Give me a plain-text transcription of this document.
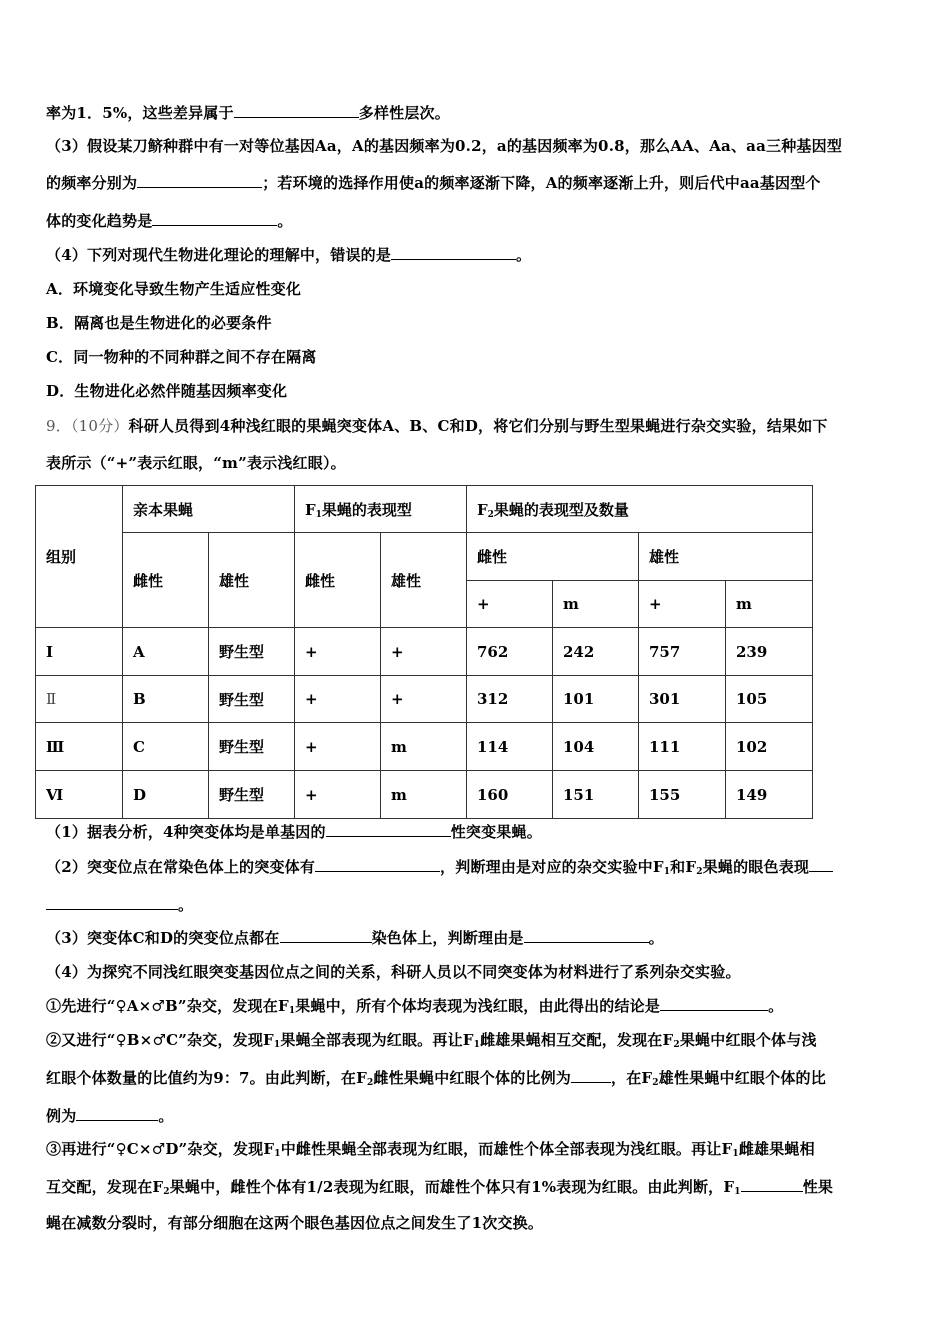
率为1．5%，这些差异属于	多样性层次。
（3）假设某刀鲚种群中有一对等位基因Aa，A的基因频率为0.2，a的基因频率为0.8，那么AA、Aa、aa三种基因型
的频率分别为	；若环境的选择作用使a的频率逐渐下降，A的频率逐渐上升，则后代中aa基因型个
体的变化趋势是	。
（4）下列对现代生物进化理论的理解中，错误的是	。
A．环境变化导致生物产生适应性变化
B．隔离也是生物进化的必要条件
C．同一物种的不同种群之间不存在隔离
D．生物进化必然伴随基因频率变化
9．（10分）科研人员得到4种浅红眼的果蝇突变体A、B、C和D，将它们分别与野生型果蝇进行杂交实验，结果如下
表所示（“+”表示红眼，“m”表示浅红眼）。
组别	亲本果蝇		$F_1$果蝇的表现型		$F_2$果蝇的表现型及数量			
	雌性	雄性	雌性	雄性	雌性		雄性	
					+	m	+	m
I	A	野生型	+	+	762	242	757	239
Ⅱ	B	野生型	+	+	312	101	301	105
Ⅲ	C	野生型	+	m	114	104	111	102
Ⅵ	D	野生型	+	m	160	151	155	149
（1）据表分析，4种突变体均是单基因的	性突变果蝇。
（2）突变位点在常染色体上的突变体有	，判断理由是对应的杂交实验中$F_1$和$F_2$果蝇的眼色表现
。
（3）突变体C和D的突变位点都在	染色体上，判断理由是	。
（4）为探究不同浅红眼突变基因位点之间的关系，科研人员以不同突变体为材料进行了系列杂交实验。
①先进行“♀A×♂B”杂交，发现在$F_1$果蝇中，所有个体均表现为浅红眼，由此得出的结论是	。
②又进行“♀B×♂C”杂交，发现$F_1$果蝇全部表现为红眼。再让$F_1$雌雄果蝇相互交配，发现在$F_2$果蝇中红眼个体与浅
红眼个体数量的比值约为9：7。由此判断，在$F_2$雌性果蝇中红眼个体的比例为	，在$F_2$雄性果蝇中红眼个体的比
例为	。
③再进行“♀C×♂D”杂交，发现$F_1$中雌性果蝇全部表现为红眼，而雄性个体全部表现为浅红眼。再让$F_1$雌雄果蝇相
互交配，发现在$F_2$果蝇中，雌性个体有1/2表现为红眼，而雄性个体只有1%表现为红眼。由此判断，$F_1$	性果
蝇在减数分裂时，有部分细胞在这两个眼色基因位点之间发生了1次交换。
